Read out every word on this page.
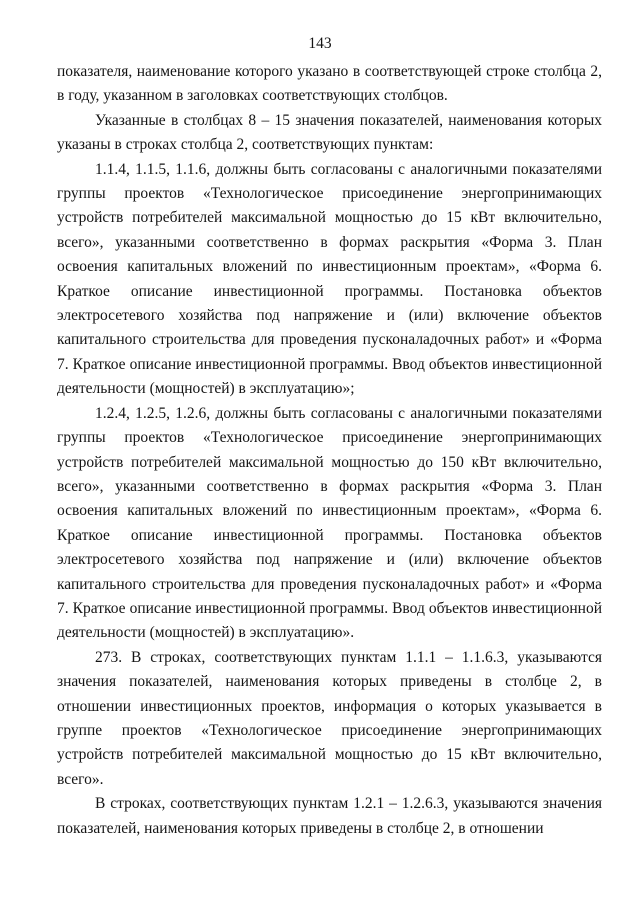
143

показателя, наименование которого указано в соответствующей строке столбца 2, в году, указанном в заголовках соответствующих столбцов.

Указанные в столбцах 8 – 15 значения показателей, наименования которых указаны в строках столбца 2, соответствующих пунктам:

1.1.4, 1.1.5, 1.1.6, должны быть согласованы с аналогичными показателями группы проектов «Технологическое присоединение энергопринимающих устройств потребителей максимальной мощностью до 15 кВт включительно, всего», указанными соответственно в формах раскрытия «Форма 3. План освоения капитальных вложений по инвестиционным проектам», «Форма 6. Краткое описание инвестиционной программы. Постановка объектов электросетевого хозяйства под напряжение и (или) включение объектов капитального строительства для проведения пусконаладочных работ» и «Форма 7. Краткое описание инвестиционной программы. Ввод объектов инвестиционной деятельности (мощностей) в эксплуатацию»;

1.2.4, 1.2.5, 1.2.6, должны быть согласованы с аналогичными показателями группы проектов «Технологическое присоединение энергопринимающих устройств потребителей максимальной мощностью до 150 кВт включительно, всего», указанными соответственно в формах раскрытия «Форма 3. План освоения капитальных вложений по инвестиционным проектам», «Форма 6. Краткое описание инвестиционной программы. Постановка объектов электросетевого хозяйства под напряжение и (или) включение объектов капитального строительства для проведения пусконаладочных работ» и «Форма 7. Краткое описание инвестиционной программы. Ввод объектов инвестиционной деятельности (мощностей) в эксплуатацию».

273. В строках, соответствующих пунктам 1.1.1 – 1.1.6.3, указываются значения показателей, наименования которых приведены в столбце 2, в отношении инвестиционных проектов, информация о которых указывается в группе проектов «Технологическое присоединение энергопринимающих устройств потребителей максимальной мощностью до 15 кВт включительно, всего».

В строках, соответствующих пунктам 1.2.1 – 1.2.6.3, указываются значения показателей, наименования которых приведены в столбце 2, в отношении
